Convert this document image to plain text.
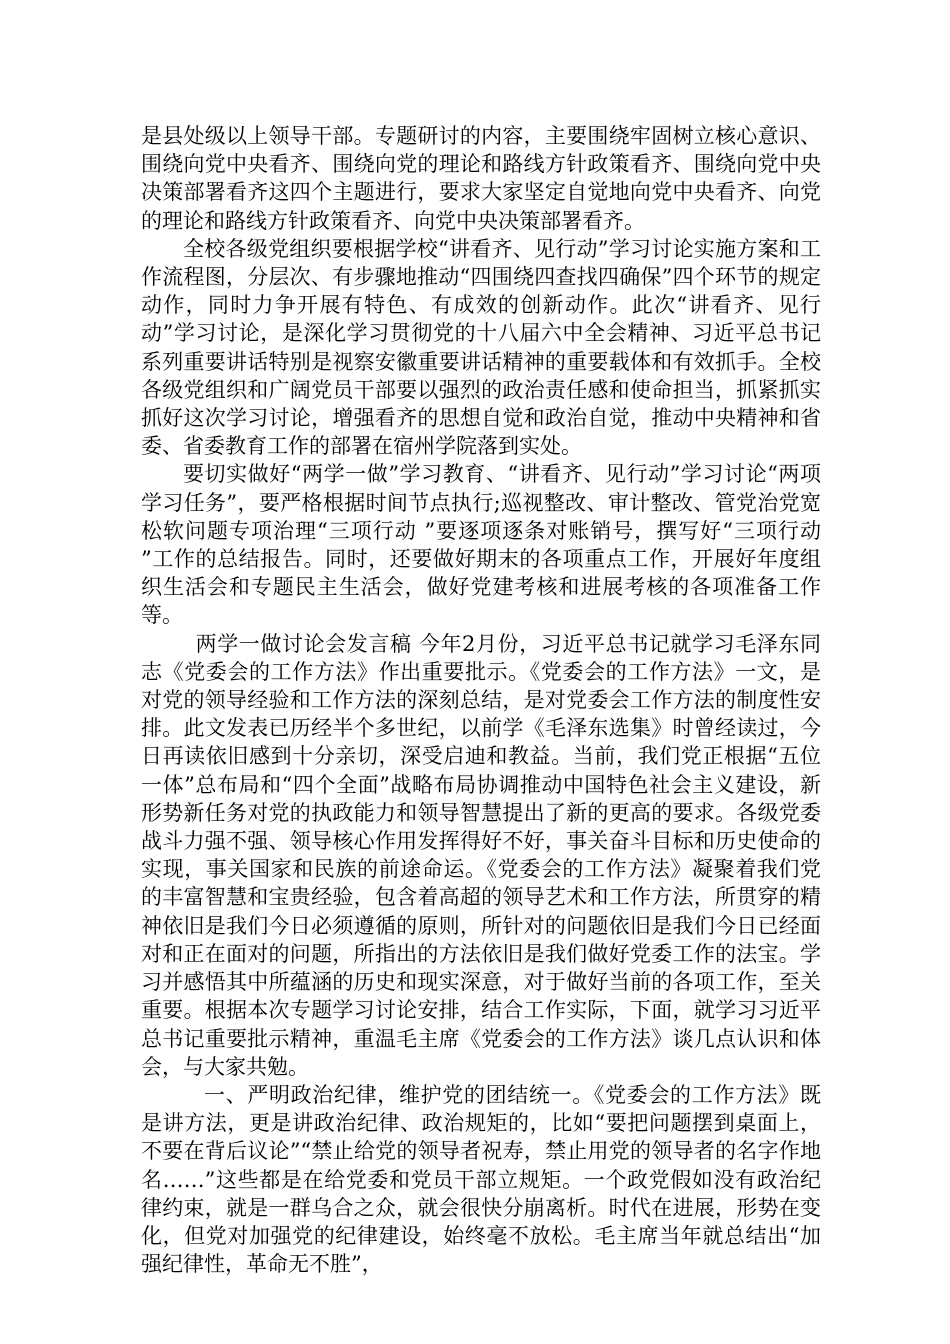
是县处级以上领导干部。专题研讨的内容，主要围绕牢固树立核心意识、围绕向党中央看齐、围绕向党的理论和路线方针政策看齐、围绕向党中央决策部署看齐这四个主题进行，要求大家坚定自觉地向党中央看齐、向党的理论和路线方针政策看齐、向党中央决策部署看齐。

全校各级党组织要根据学校“讲看齐、见行动”学习讨论实施方案和工作流程图，分层次、有步骤地推动“四围绕四查找四确保”四个环节的规定动作，同时力争开展有特色、有成效的创新动作。此次“讲看齐、见行动”学习讨论，是深化学习贯彻党的十八届六中全会精神、习近平总书记系列重要讲话特别是视察安徽重要讲话精神的重要载体和有效抓手。全校各级党组织和广阔党员干部要以强烈的政治责任感和使命担当，抓紧抓实抓好这次学习讨论，增强看齐的思想自觉和政治自觉，推动中央精神和省委、省委教育工作的部署在宿州学院落到实处。

要切实做好“两学一做”学习教育、“讲看齐、见行动”学习讨论“两项学习任务”，要严格根据时间节点执行;巡视整改、审计整改、管党治党宽松软问题专项治理“三项行动 ”要逐项逐条对账销号，撰写好“三项行动 ”工作的总结报告。同时，还要做好期末的各项重点工作，开展好年度组织生活会和专题民主生活会，做好党建考核和进展考核的各项准备工作等。

两学一做讨论会发言稿 今年2月份，习近平总书记就学习毛泽东同志《党委会的工作方法》作出重要批示。《党委会的工作方法》一文，是对党的领导经验和工作方法的深刻总结，是对党委会工作方法的制度性安排。此文发表已历经半个多世纪，以前学《毛泽东选集》时曾经读过，今日再读依旧感到十分亲切，深受启迪和教益。当前，我们党正根据“五位一体”总布局和“四个全面”战略布局协调推动中国特色社会主义建设，新形势新任务对党的执政能力和领导智慧提出了新的更高的要求。各级党委战斗力强不强、领导核心作用发挥得好不好，事关奋斗目标和历史使命的实现，事关国家和民族的前途命运。《党委会的工作方法》凝聚着我们党的丰富智慧和宝贵经验，包含着高超的领导艺术和工作方法，所贯穿的精神依旧是我们今日必须遵循的原则，所针对的问题依旧是我们今日已经面对和正在面对的问题，所指出的方法依旧是我们做好党委工作的法宝。学习并感悟其中所蕴涵的历史和现实深意，对于做好当前的各项工作，至关重要。根据本次专题学习讨论安排，结合工作实际，下面，就学习习近平总书记重要批示精神，重温毛主席《党委会的工作方法》谈几点认识和体会，与大家共勉。

一、严明政治纪律，维护党的团结统一。《党委会的工作方法》既是讲方法，更是讲政治纪律、政治规矩的，比如“要把问题摆到桌面上，不要在背后议论”“禁止给党的领导者祝寿，禁止用党的领导者的名字作地名……”这些都是在给党委和党员干部立规矩。一个政党假如没有政治纪律约束，就是一群乌合之众，就会很快分崩离析。时代在进展，形势在变化，但党对加强党的纪律建设，始终毫不放松。毛主席当年就总结出“加强纪律性，革命无不胜”，
